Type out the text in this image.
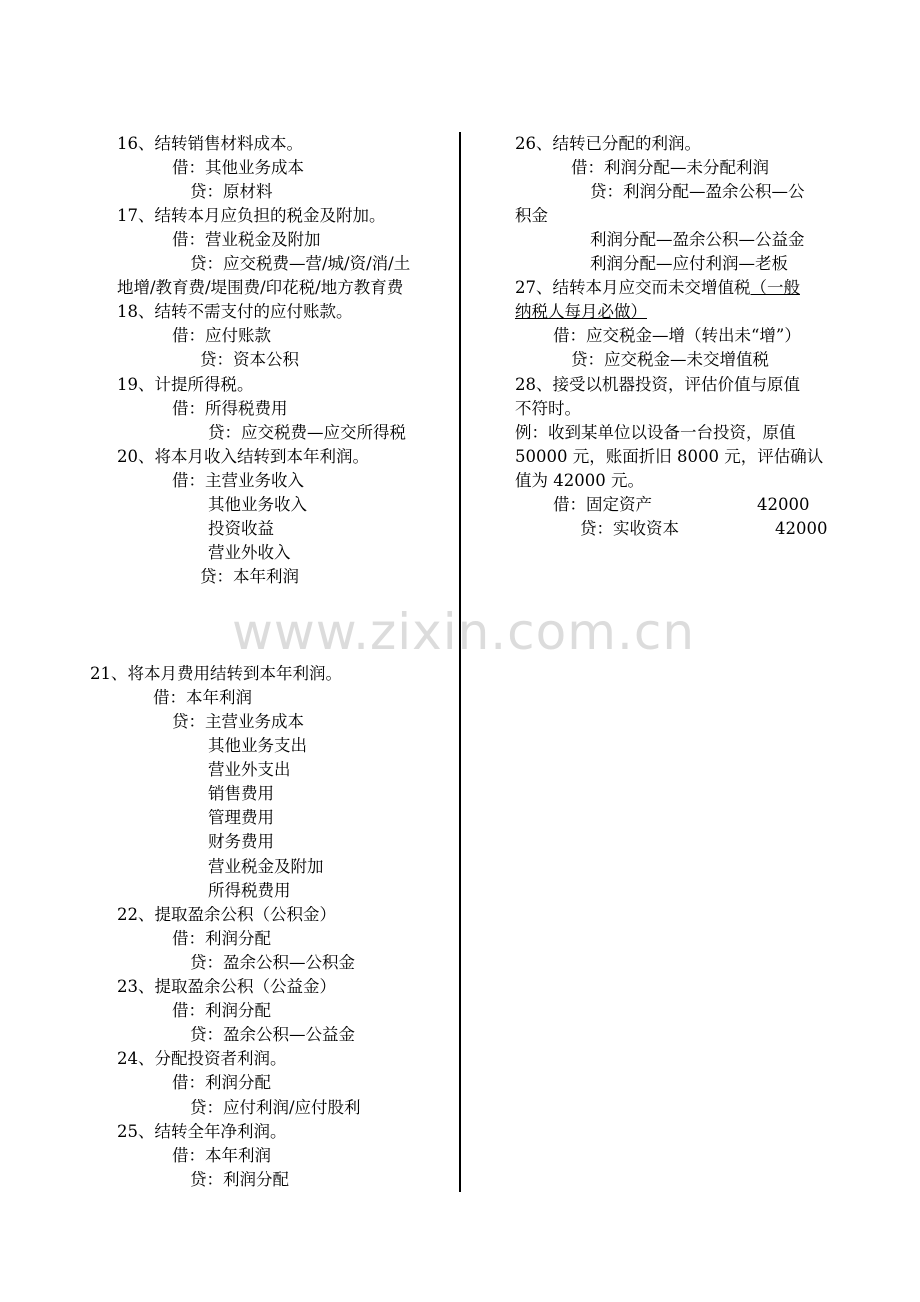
www.zixin.com.cn
16、结转销售材料成本。
借：其他业务成本
贷：原材料
17、结转本月应负担的税金及附加。
借：营业税金及附加
贷：应交税费—营/城/资/消/土
地增/教育费/堤围费/印花税/地方教育费
18、结转不需支付的应付账款。
借：应付账款
贷：资本公积
19、计提所得税。
借：所得税费用
贷：应交税费—应交所得税
20、将本月收入结转到本年利润。
借：主营业务收入
其他业务收入
投资收益
营业外收入
贷：本年利润
21、将本月费用结转到本年利润。
借：本年利润
贷：主营业务成本
其他业务支出
营业外支出
销售费用
管理费用
财务费用
营业税金及附加
所得税费用
22、提取盈余公积（公积金）
借：利润分配
贷：盈余公积—公积金
23、提取盈余公积（公益金）
借：利润分配
贷：盈余公积—公益金
24、分配投资者利润。
借：利润分配
贷：应付利润/应付股利
25、结转全年净利润。
借：本年利润
贷：利润分配
26、结转已分配的利润。
借：利润分配—未分配利润
贷：利润分配—盈余公积—公
积金
利润分配—盈余公积—公益金
利润分配—应付利润—老板
27、结转本月应交而未交增值税（一般
纳税人每月必做）
借：应交税金—增（转出未“增”）
贷：应交税金—未交增值税
28、接受以机器投资，评估价值与原值
不符时。
例：收到某单位以设备一台投资，原值
50000 元，账面折旧 8000 元，评估确认
值为 42000 元。
借：固定资产	42000
贷：实收资本	42000
